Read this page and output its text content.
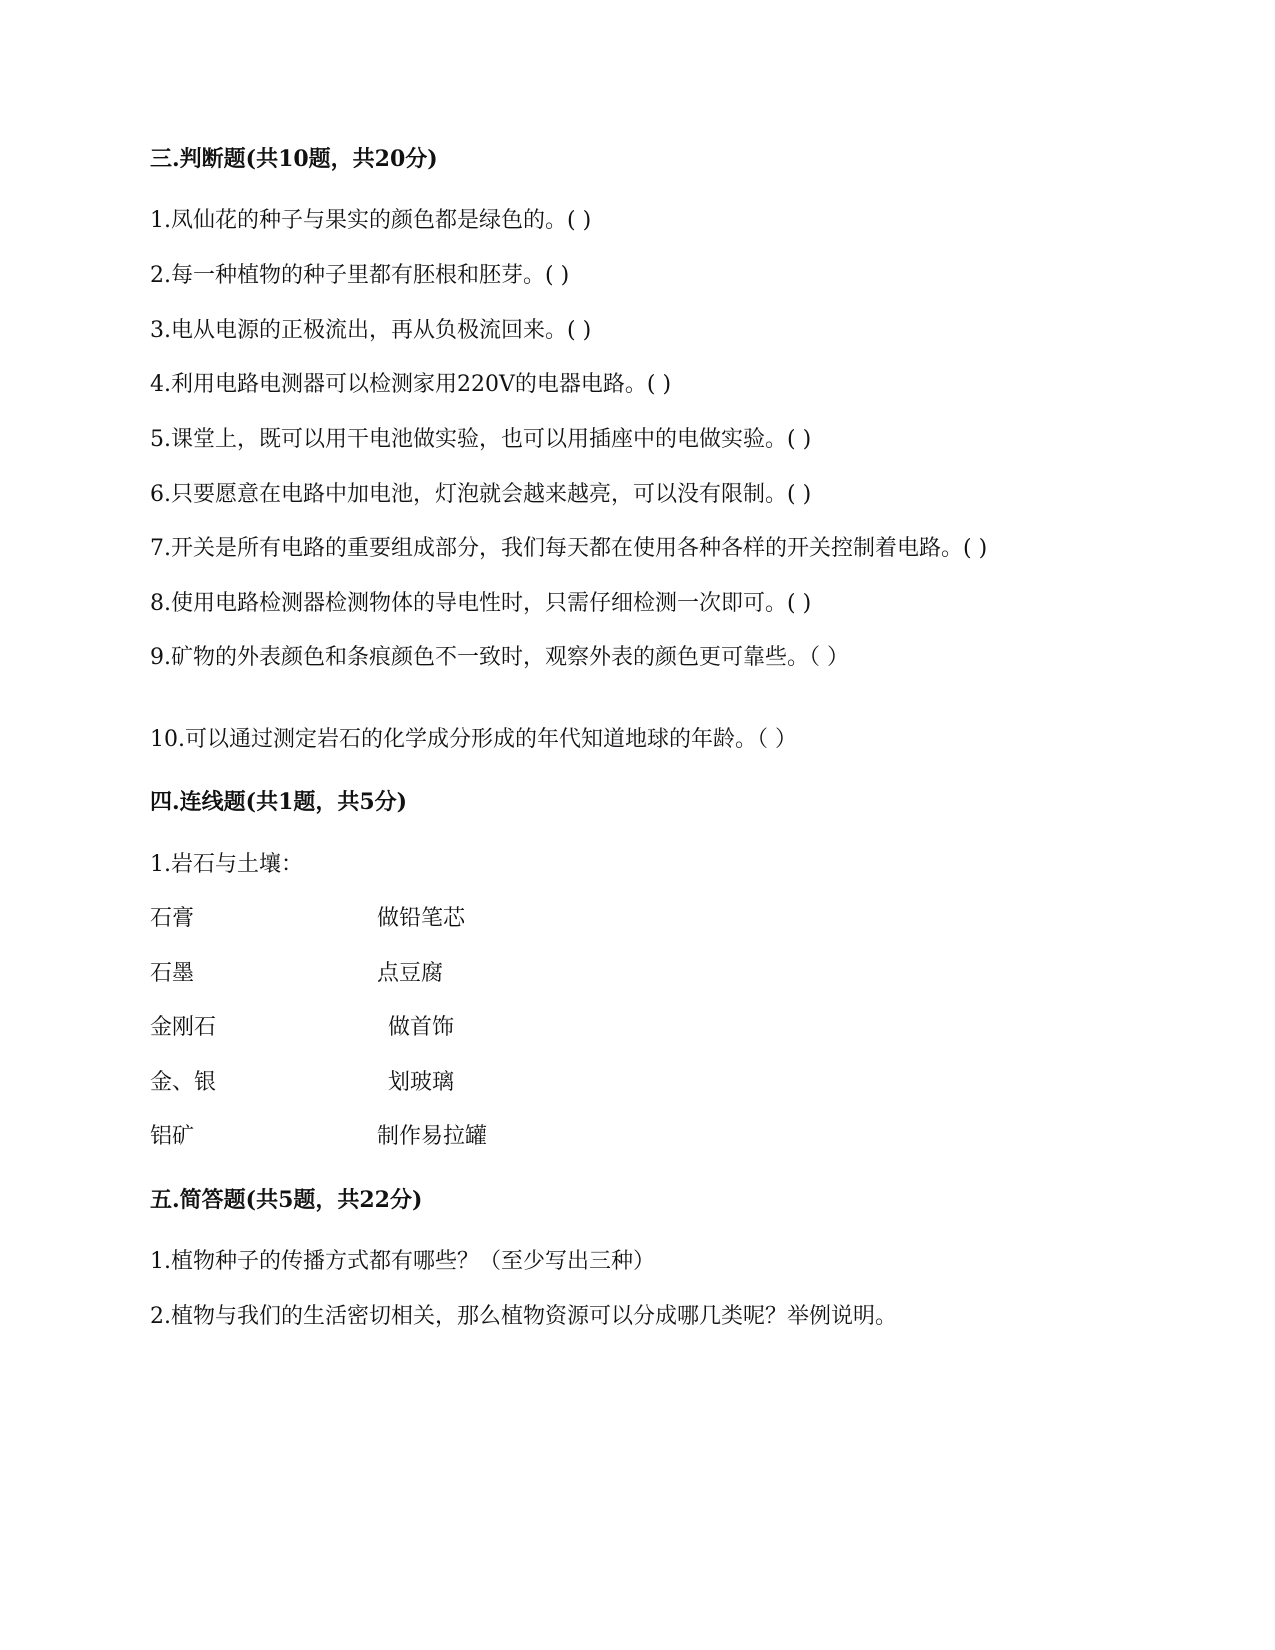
三.判断题(共10题，共20分)
1.凤仙花的种子与果实的颜色都是绿色的。( )
2.每一种植物的种子里都有胚根和胚芽。( )
3.电从电源的正极流出，再从负极流回来。( )
4.利用电路电测器可以检测家用220V的电器电路。( )
5.课堂上，既可以用干电池做实验，也可以用插座中的电做实验。( )
6.只要愿意在电路中加电池，灯泡就会越来越亮，可以没有限制。( )
7.开关是所有电路的重要组成部分，我们每天都在使用各种各样的开关控制着电路。( )
8.使用电路检测器检测物体的导电性时，只需仔细检测一次即可。( )
9.矿物的外表颜色和条痕颜色不一致时，观察外表的颜色更可靠些。（ ）
10.可以通过测定岩石的化学成分形成的年代知道地球的年龄。（ ）
四.连线题(共1题，共5分)
1.岩石与土壤：
石膏	做铅笔芯
石墨	点豆腐
金刚石	做首饰
金、银	划玻璃
铝矿	制作易拉罐
五.简答题(共5题，共22分)
1.植物种子的传播方式都有哪些？（至少写出三种）
2.植物与我们的生活密切相关，那么植物资源可以分成哪几类呢？举例说明。
